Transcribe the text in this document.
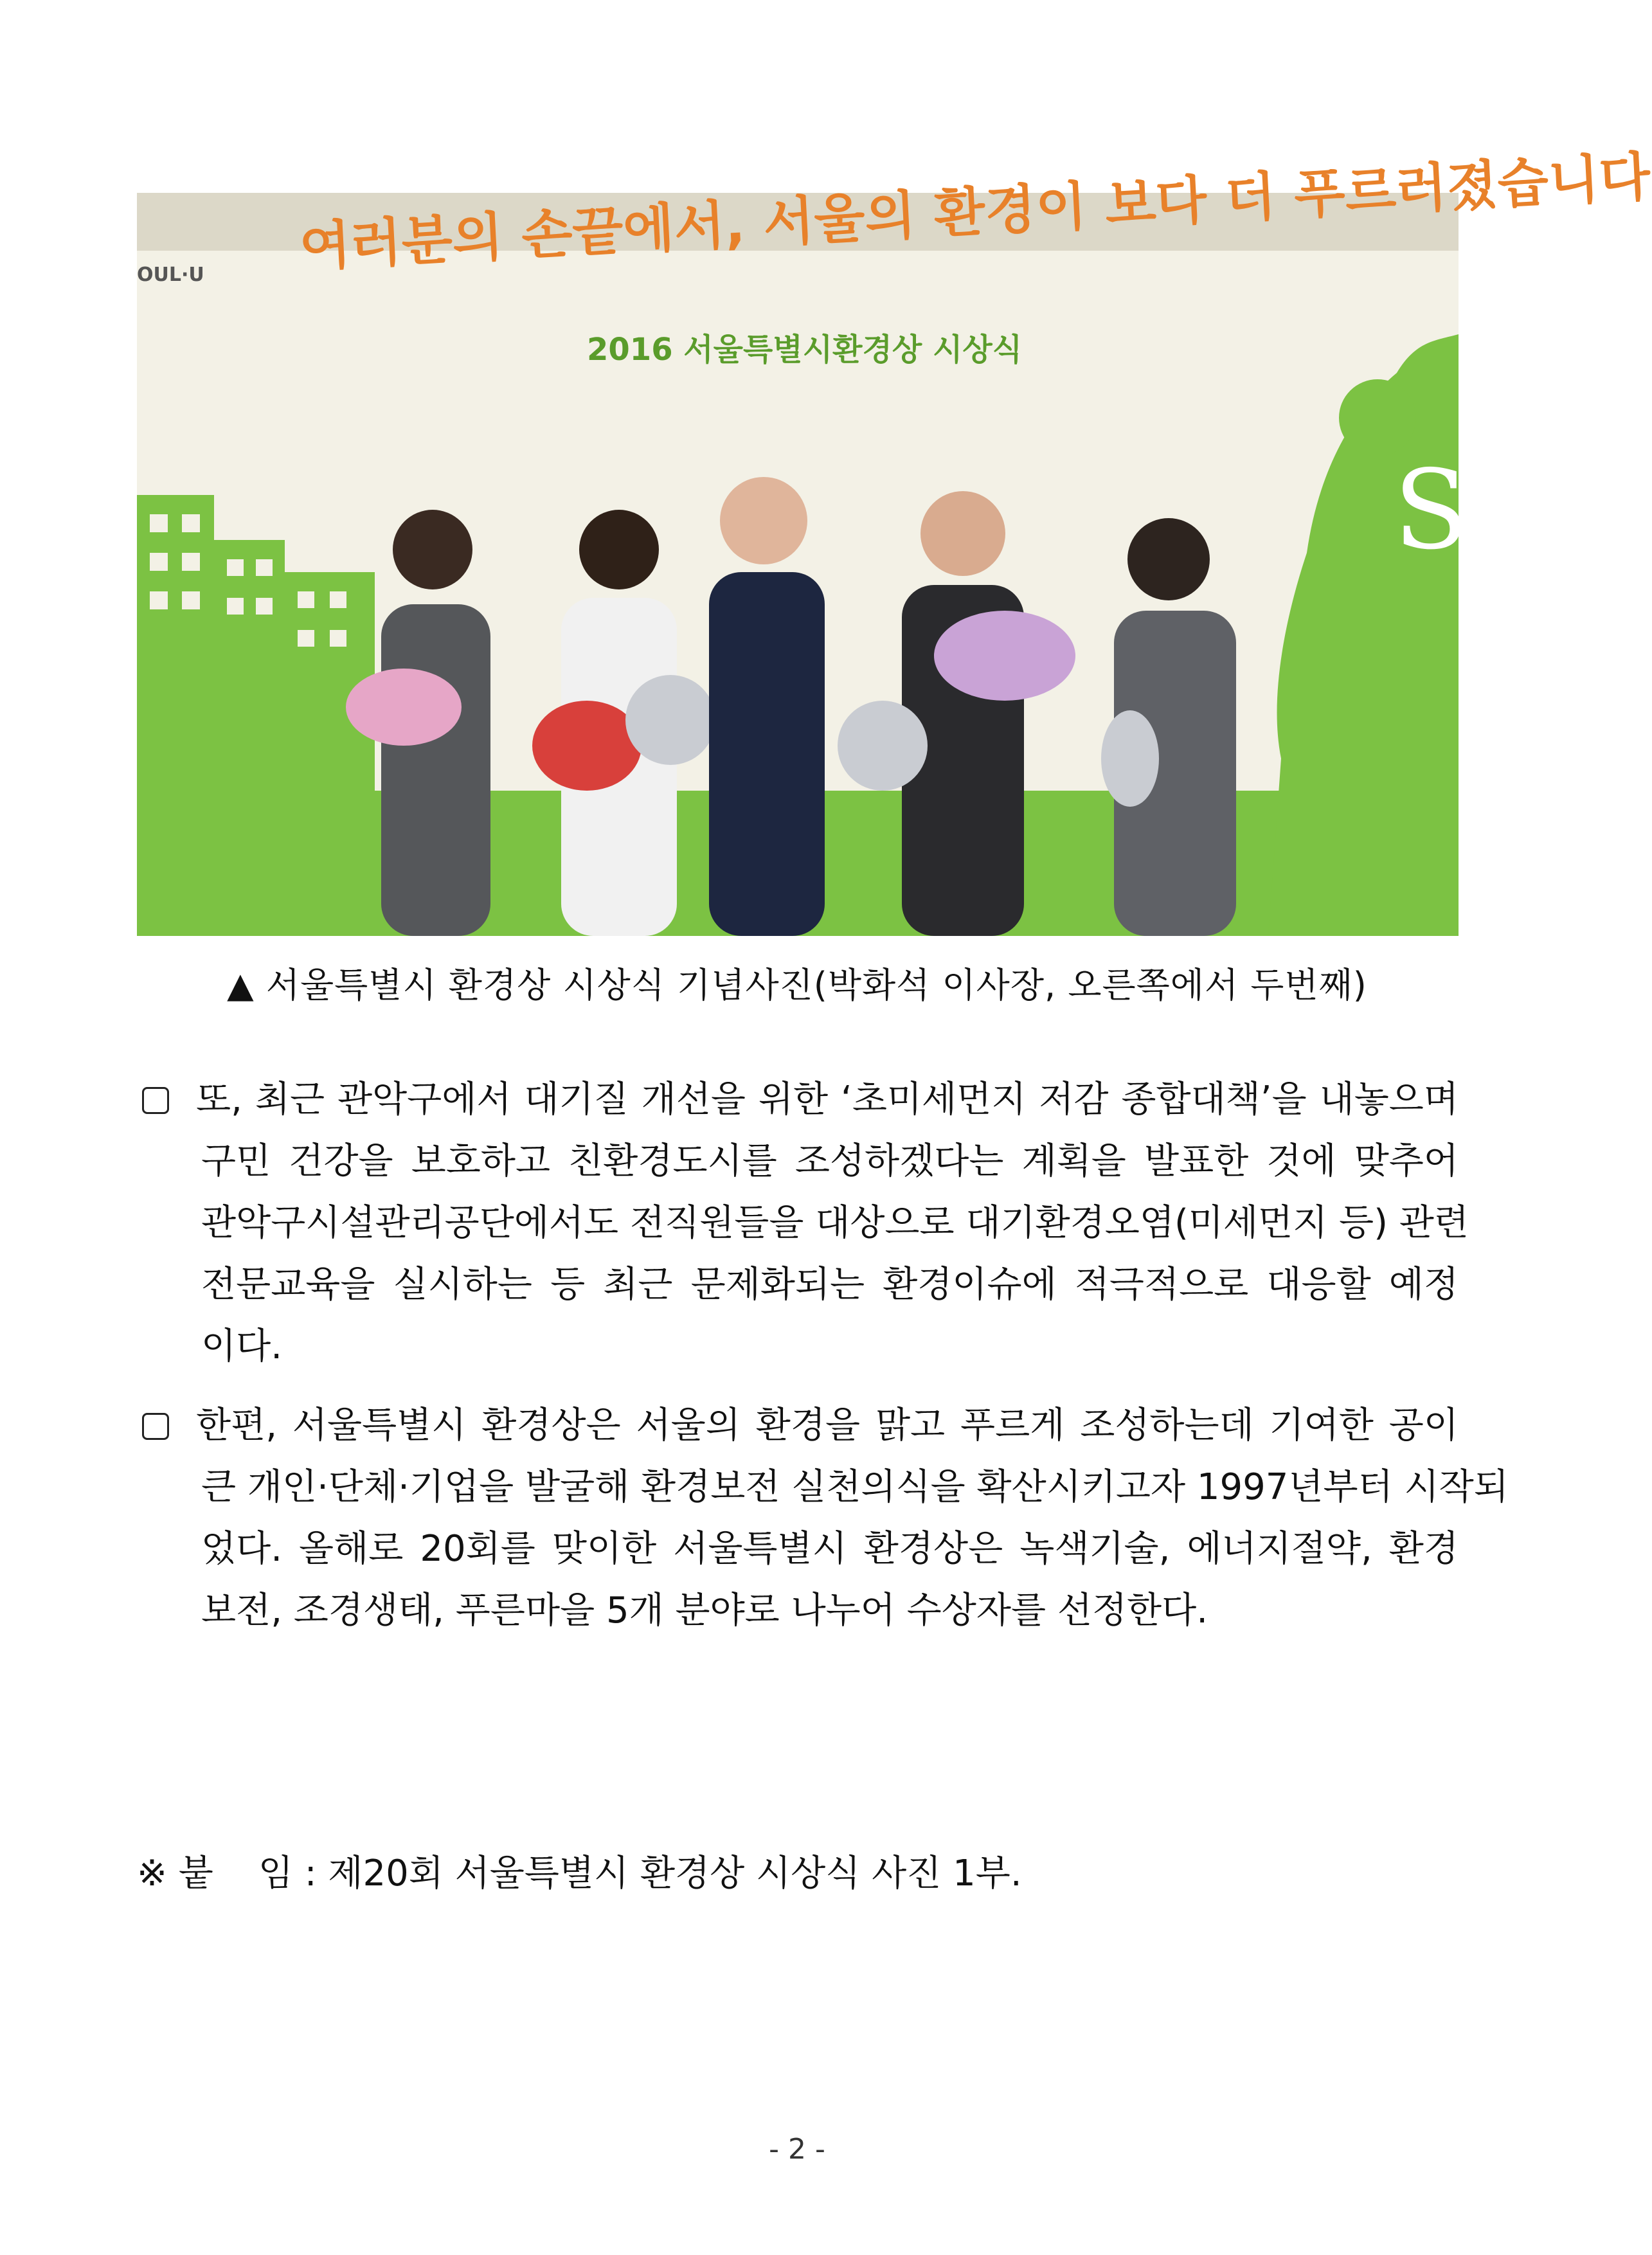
여러분의 손끝에서, 서울의 환경이 보다 더 푸르러졌습니다
2016 서울특별시환경상 시상식
OUL·U
S
▲ 서울특별시 환경상 시상식 기념사진(박화석 이사장, 오른쪽에서 두번째)
또, 최근 관악구에서 대기질 개선을 위한 ‘초미세먼지 저감 종합대책’을 내놓으며
구민 건강을 보호하고 친환경도시를 조성하겠다는 계획을 발표한 것에 맞추어
관악구시설관리공단에서도 전직원들을 대상으로 대기환경오염(미세먼지 등) 관련
전문교육을 실시하는 등 최근 문제화되는 환경이슈에 적극적으로 대응할 예정
이다.
한편, 서울특별시 환경상은 서울의 환경을 맑고 푸르게 조성하는데 기여한 공이
큰 개인·단체·기업을 발굴해 환경보전 실천의식을 확산시키고자 1997년부터 시작되
었다. 올해로 20회를 맞이한 서울특별시 환경상은 녹색기술, 에너지절약, 환경
보전, 조경생태, 푸른마을 5개 분야로 나누어 수상자를 선정한다.
※ 붙 임 : 제20회 서울특별시 환경상 시상식 사진 1부.
- 2 -
